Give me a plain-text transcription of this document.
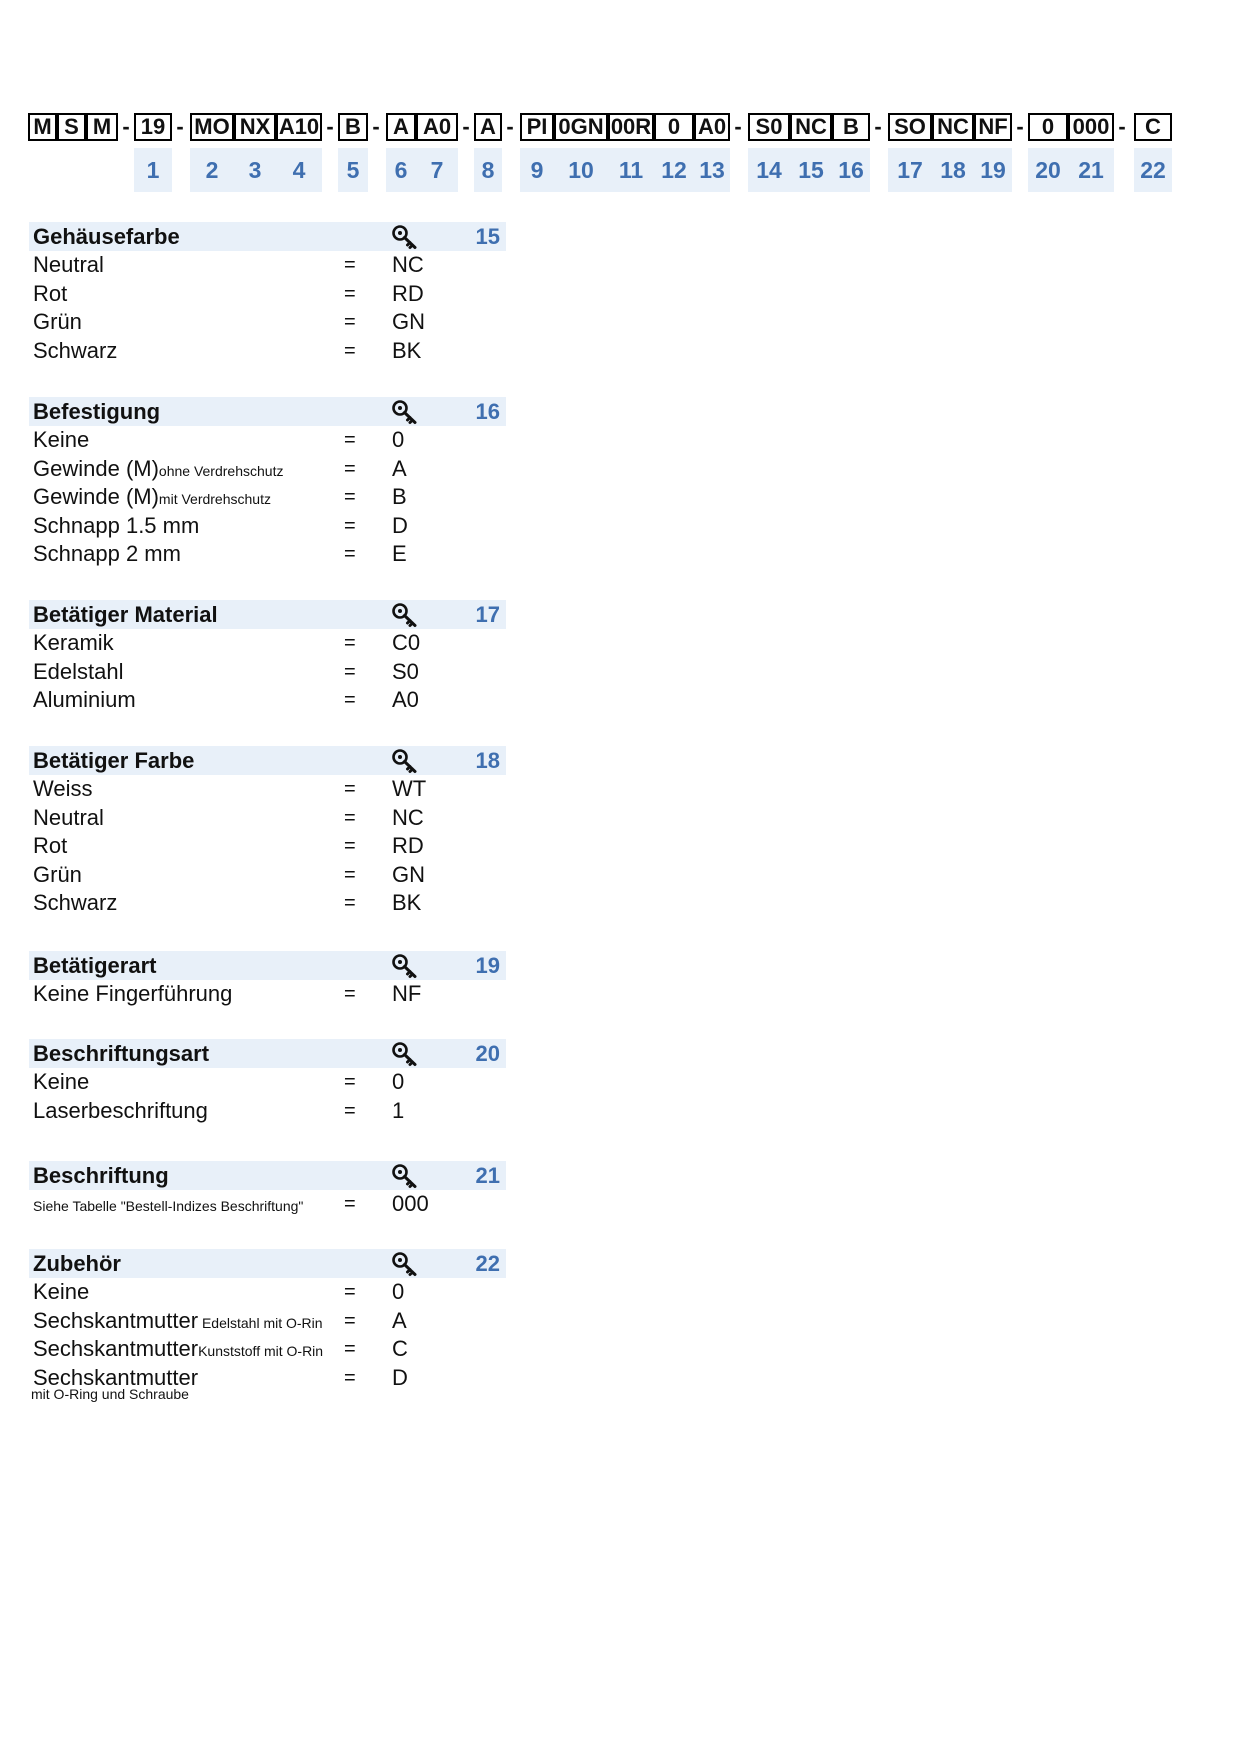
M S M - 19 - MO NX A10 - B - A A0 - A - PI 0GN 00R 0 A0 - S0 NC B - SO NC NF - 0 000 - C
1	2	3	4	5	6	7	8	9	10	11 12 13	14 15 16	17 18 19	20 21	22
Gehäusefarbe	15
Neutral	= NC
Rot	= RD
Grün	= GN
Schwarz	= BK
Befestigung	16
Keine	= 0
Gewinde (M)ohne Verdrehschutz	= A
Gewinde (M)mit Verdrehschutz	= B
Schnapp 1.5 mm	= D
Schnapp 2 mm	= E
Betätiger Material	17
Keramik	= C0
Edelstahl	= S0
Aluminium	= A0
Betätiger Farbe	18
Weiss	= WT
Neutral	= NC
Rot	= RD
Grün	= GN
Schwarz	= BK
Betätigerart	19
Keine Fingerführung	= NF
Beschriftungsart	20
Keine	= 0
Laserbeschriftung	= 1
Beschriftung	21
Siehe Tabelle "Bestell-Indizes Beschriftung" = 000
Zubehör	22
Keine	= 0
Sechskantmutter Edelstahl mit O-Rin = A
SechskantmutterKunststoff mit O-Rin = C
Sechskantmutter	= D
mit O-Ring und Schraube
